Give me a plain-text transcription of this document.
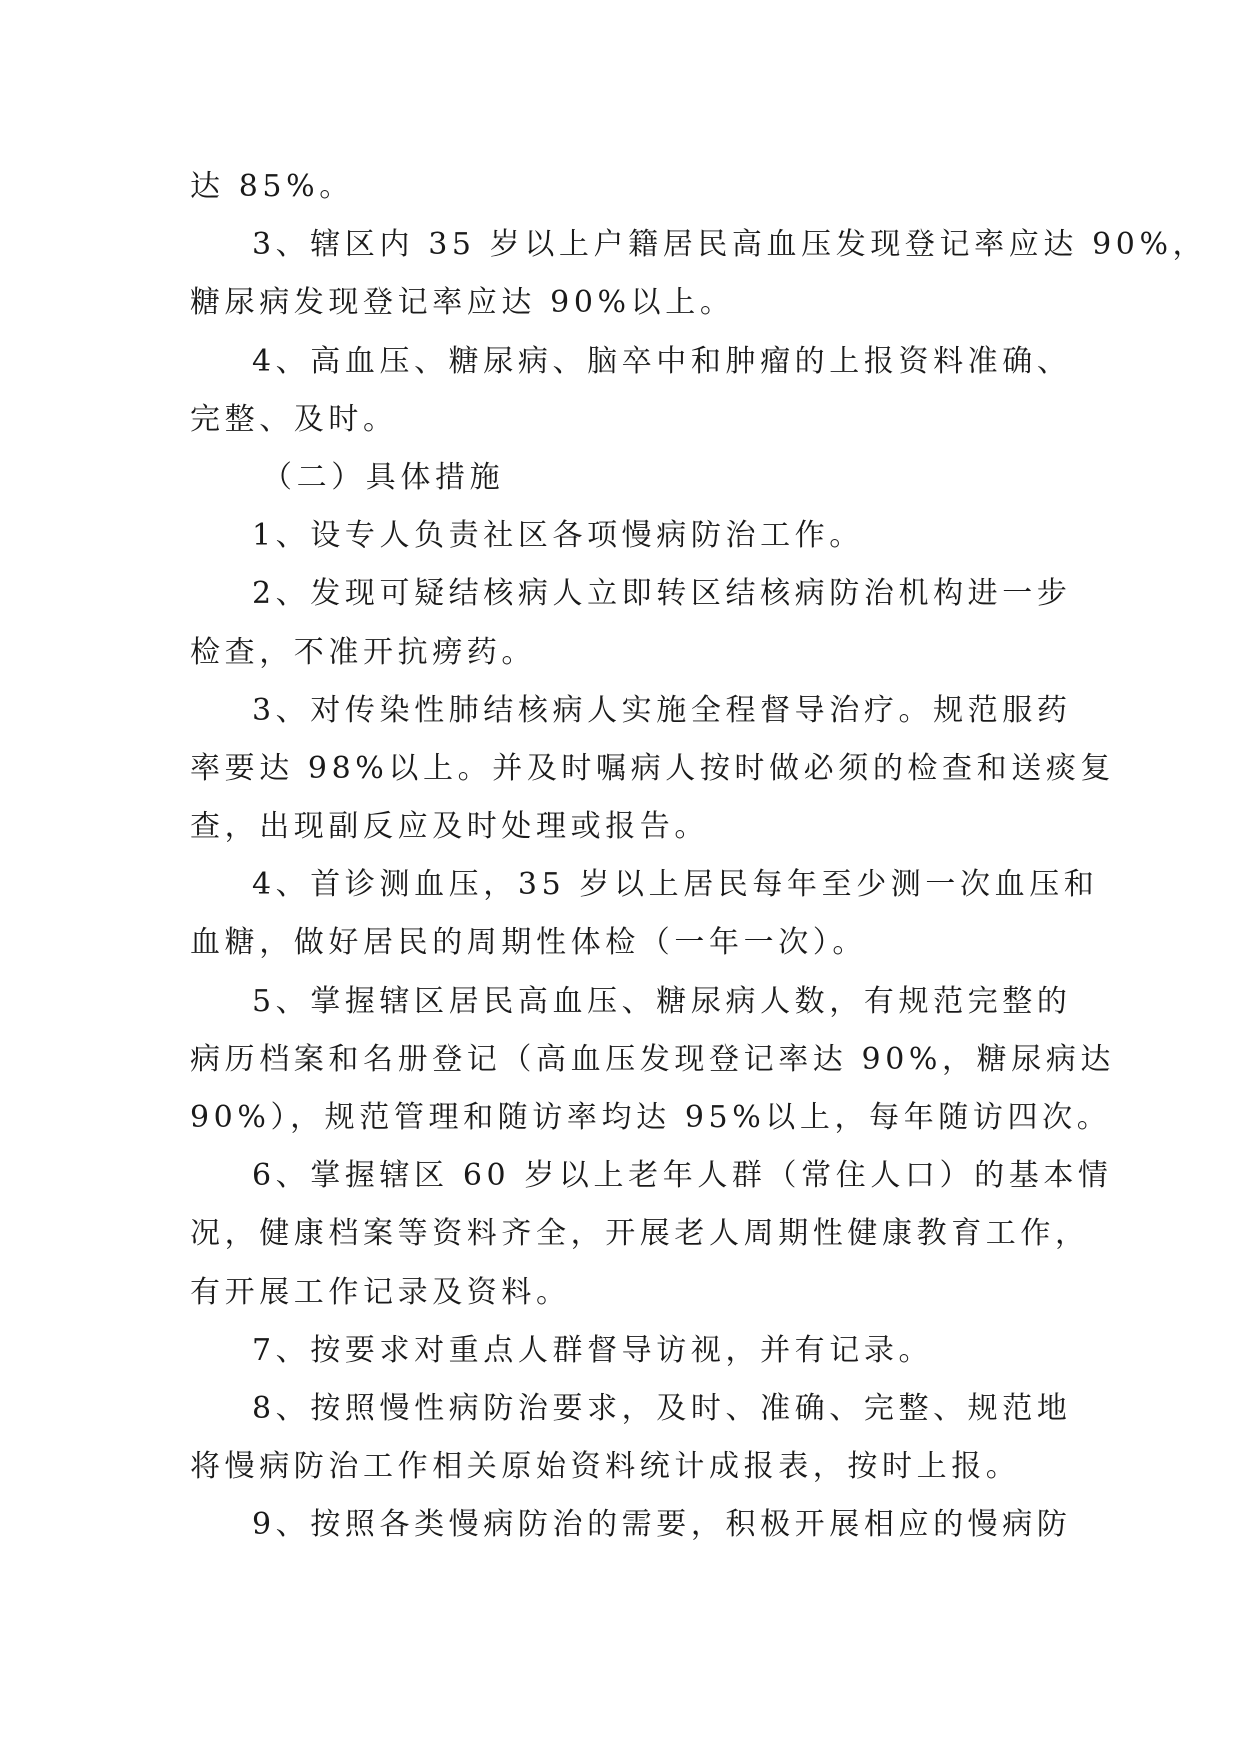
达 85%。
3、辖区内 35 岁以上户籍居民高血压发现登记率应达 90%，
糖尿病发现登记率应达 90%以上。
4、高血压、糖尿病、脑卒中和肿瘤的上报资料准确、
完整、及时。
（二）具体措施
1、设专人负责社区各项慢病防治工作。
2、发现可疑结核病人立即转区结核病防治机构进一步
检查，不准开抗痨药。
3、对传染性肺结核病人实施全程督导治疗。规范服药
率要达 98%以上。并及时嘱病人按时做必须的检查和送痰复
查，出现副反应及时处理或报告。
4、首诊测血压，35 岁以上居民每年至少测一次血压和
血糖，做好居民的周期性体检（一年一次）。
5、掌握辖区居民高血压、糖尿病人数，有规范完整的
病历档案和名册登记（高血压发现登记率达 90%，糖尿病达
90%），规范管理和随访率均达 95%以上，每年随访四次。
6、掌握辖区 60 岁以上老年人群（常住人口）的基本情
况，健康档案等资料齐全，开展老人周期性健康教育工作，
有开展工作记录及资料。
7、按要求对重点人群督导访视，并有记录。
8、按照慢性病防治要求，及时、准确、完整、规范地
将慢病防治工作相关原始资料统计成报表，按时上报。
9、按照各类慢病防治的需要，积极开展相应的慢病防
